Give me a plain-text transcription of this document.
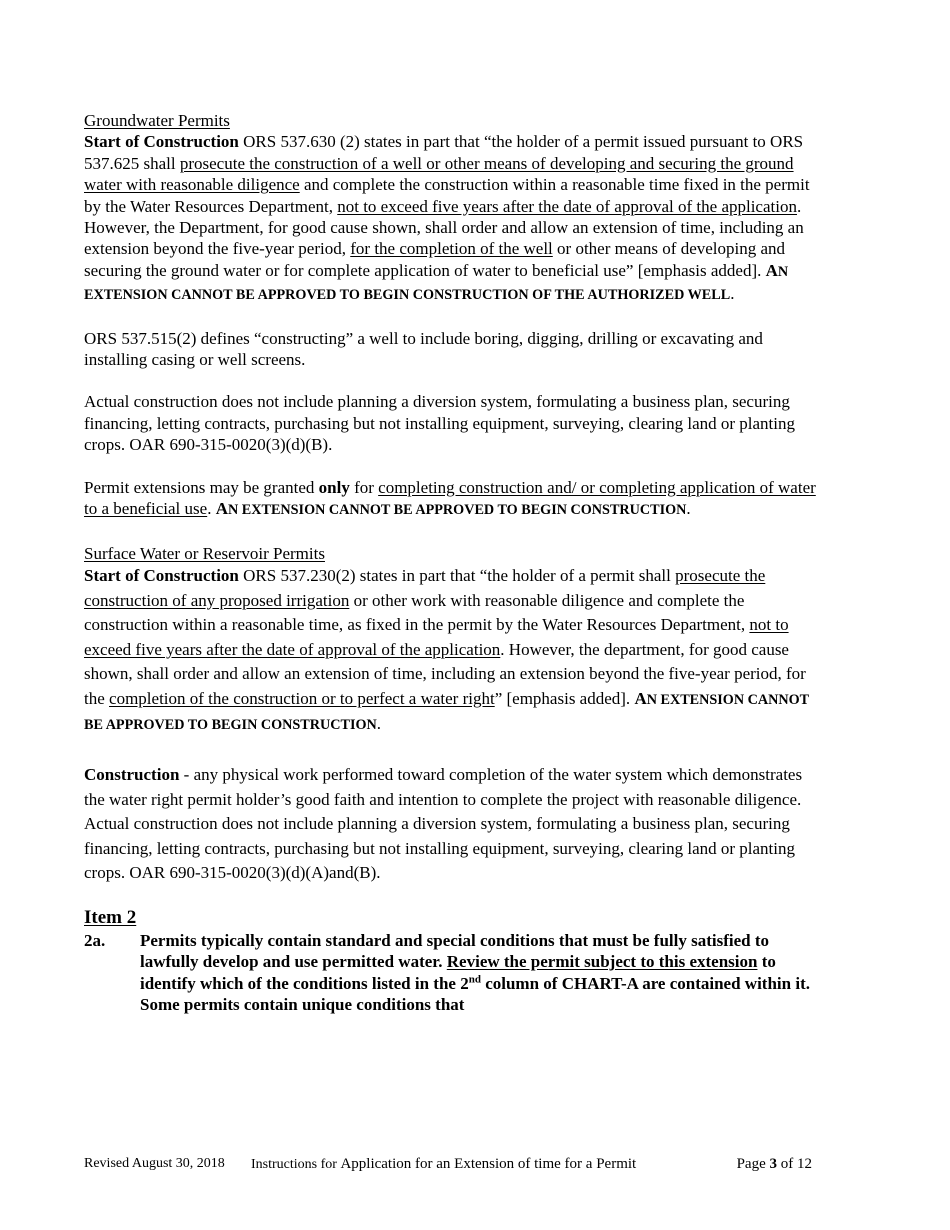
Groundwater Permits

Start of Construction ORS 537.630 (2) states in part that “the holder of a permit issued pursuant to ORS 537.625 shall prosecute the construction of a well or other means of developing and securing the ground water with reasonable diligence and complete the construction within a reasonable time fixed in the permit by the Water Resources Department, not to exceed five years after the date of approval of the application. However, the Department, for good cause shown, shall order and allow an extension of time, including an extension beyond the five-year period, for the completion of the well or other means of developing and securing the ground water or for complete application of water to beneficial use” [emphasis added]. AN EXTENSION CANNOT BE APPROVED TO BEGIN CONSTRUCTION OF THE AUTHORIZED WELL.

ORS 537.515(2) defines “constructing” a well to include boring, digging, drilling or excavating and installing casing or well screens.

Actual construction does not include planning a diversion system, formulating a business plan, securing financing, letting contracts, purchasing but not installing equipment, surveying, clearing land or planting crops. OAR 690-315-0020(3)(d)(B).

Permit extensions may be granted only for completing construction and/ or completing application of water to a beneficial use. AN EXTENSION CANNOT BE APPROVED TO BEGIN CONSTRUCTION.

Surface Water or Reservoir Permits

Start of Construction ORS 537.230(2) states in part that “the holder of a permit shall prosecute the construction of any proposed irrigation or other work with reasonable diligence and complete the construction within a reasonable time, as fixed in the permit by the Water Resources Department, not to exceed five years after the date of approval of the application. However, the department, for good cause shown, shall order and allow an extension of time, including an extension beyond the five-year period, for the completion of the construction or to perfect a water right” [emphasis added]. AN EXTENSION CANNOT BE APPROVED TO BEGIN CONSTRUCTION.

Construction - any physical work performed toward completion of the water system which demonstrates the water right permit holder’s good faith and intention to complete the project with reasonable diligence. Actual construction does not include planning a diversion system, formulating a business plan, securing financing, letting contracts, purchasing but not installing equipment, surveying, clearing land or planting crops. OAR 690-315-0020(3)(d)(A)and(B).

Item 2
2a.	Permits typically contain standard and special conditions that must be fully satisfied to lawfully develop and use permitted water. Review the permit subject to this extension to identify which of the conditions listed in the 2nd column of CHART-A are contained within it. Some permits contain unique conditions that
Revised August 30, 2018	Instructions for Application for an Extension of time for a Permit	Page 3 of 12
